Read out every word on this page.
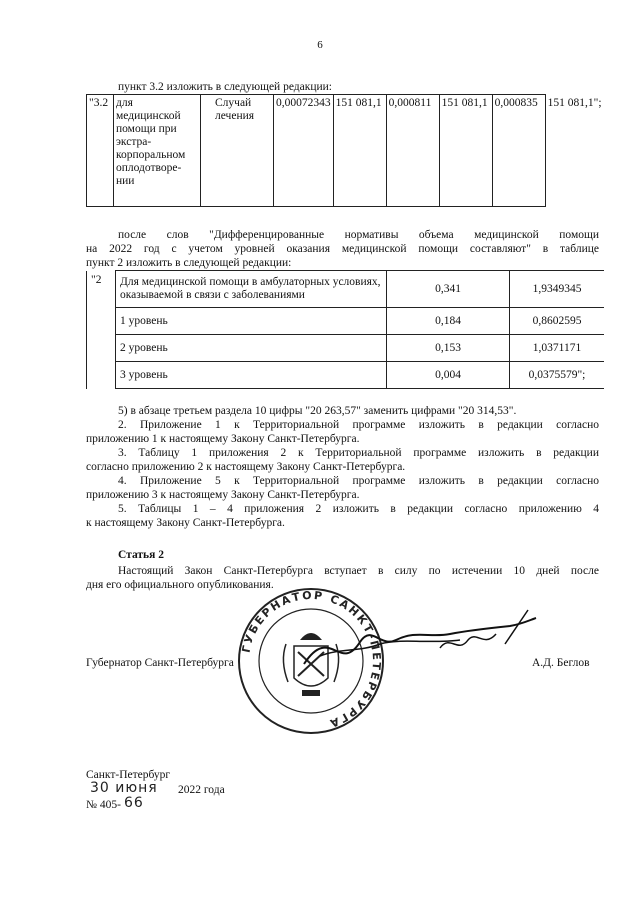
6
пункт 3.2 изложить в следующей редакции:
"3.2	для медицинской помощи при экстра-корпоральном оплодотворе-нии	Случай лечения	0,00072343	151 081,1	0,000811	151 081,1	0,000835	151 081,1";
после слов "Дифференцированные нормативы объема медицинской помощи
на 2022 год с учетом уровней оказания медицинской помощи составляют" в таблице
пункт 2 изложить в следующей редакции:
"2	Для медицинской помощи в амбулаторных условиях, оказываемой в связи с заболеваниями	0,341	1,9349345
	1 уровень	0,184	0,8602595
	2 уровень	0,153	1,0371171
	3 уровень	0,004	0,0375579";
5) в абзаце третьем раздела 10 цифры "20 263,57" заменить цифрами "20 314,53".
2. Приложение 1 к Территориальной программе изложить в редакции согласно
приложению 1 к настоящему Закону Санкт-Петербурга.
3. Таблицу 1 приложения 2 к Территориальной программе изложить в редакции
согласно приложению 2 к настоящему Закону Санкт-Петербурга.
4. Приложение 5 к Территориальной программе изложить в редакции согласно
приложению 3 к настоящему Закону Санкт-Петербурга.
5. Таблицы 1 – 4 приложения 2 изложить в редакции согласно приложению 4
к настоящему Закону Санкт-Петербурга.
Статья 2
Настоящий Закон Санкт-Петербурга вступает в силу по истечении 10 дней после
дня его официального опубликования.
ГУБЕРНАТОР САНКТ-ПЕТЕРБУРГА
Губернатор Санкт-Петербурга	А.Д. Беглов
Санкт-Петербург
30 июня 2022 года
№ 405- 66
